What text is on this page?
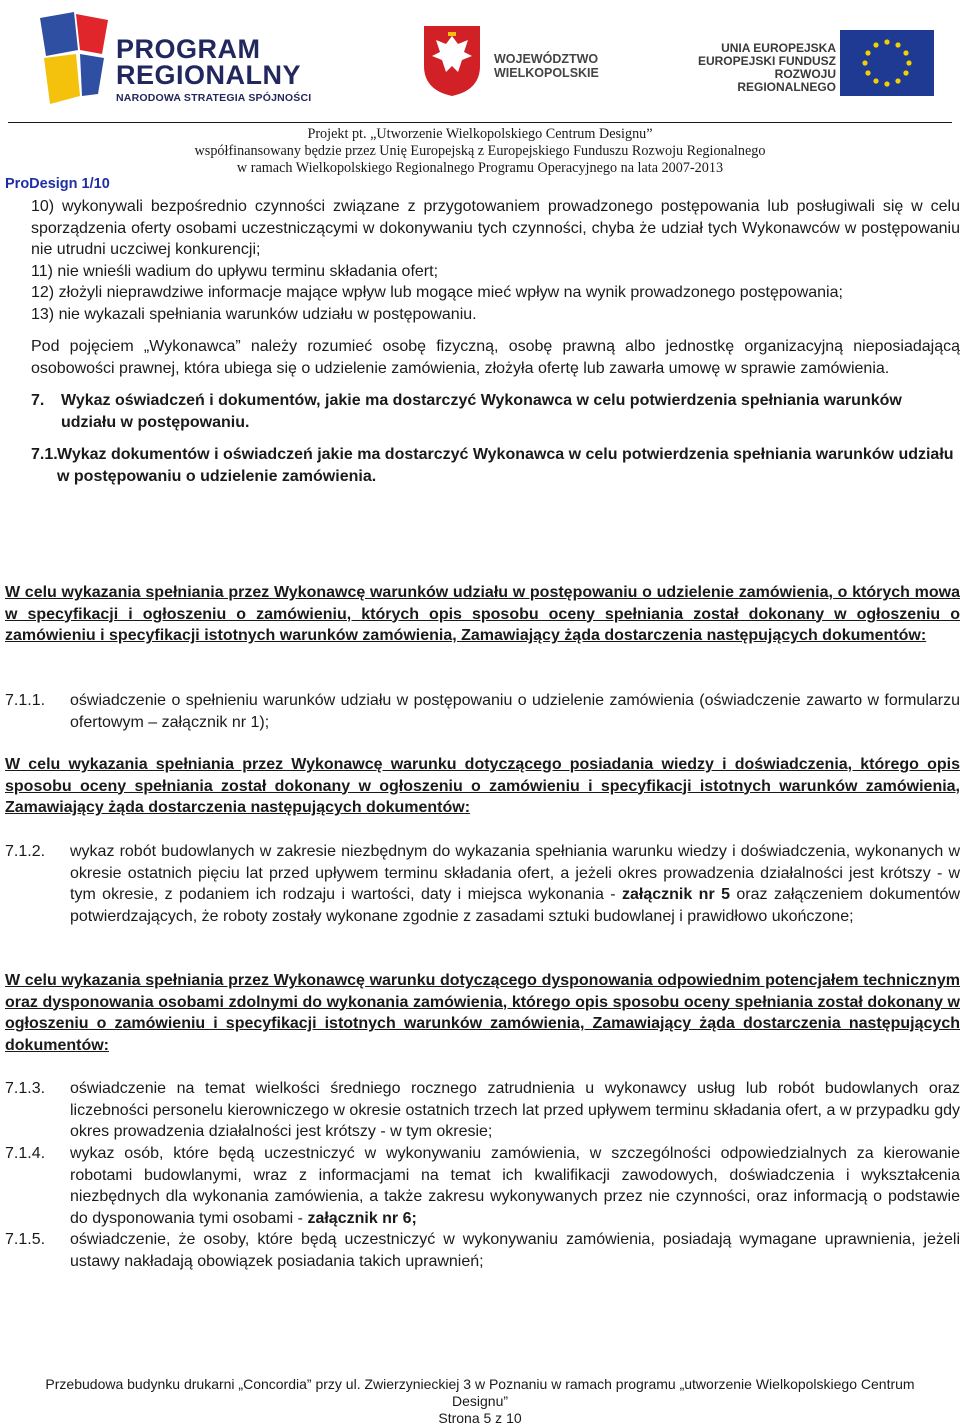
PROGRAM
REGIONALNY
NARODOWA STRATEGIA SPÓJNOŚCI
WOJEWÓDZTWO
WIELKOPOLSKIE
UNIA EUROPEJSKA
EUROPEJSKI FUNDUSZ
ROZWOJU REGIONALNEGO
Projekt pt. „Utworzenie Wielkopolskiego Centrum Designu”
współfinansowany będzie przez Unię Europejską z Europejskiego Funduszu Rozwoju Regionalnego
w ramach Wielkopolskiego Regionalnego Programu Operacyjnego na lata 2007-2013
ProDesign 1/10

10) wykonywali bezpośrednio czynności związane z przygotowaniem prowadzonego postępowania lub posługiwali się w celu sporządzenia oferty osobami uczestniczącymi w dokonywaniu tych czynności, chyba że udział tych Wykonawców w postępowaniu nie utrudni uczciwej konkurencji;

11) nie wnieśli wadium do upływu terminu składania ofert;

12) złożyli nieprawdziwe informacje mające wpływ lub mogące mieć wpływ na wynik prowadzonego postępowania;

13) nie wykazali spełniania warunków udziału w postępowaniu.

Pod pojęciem „Wykonawca” należy rozumieć osobę fizyczną, osobę prawną albo jednostkę organizacyjną nieposiadającą osobowości prawnej, która ubiega się o udzielenie zamówienia, złożyła ofertę lub zawarła umowę w sprawie zamówienia.
7.	Wykaz oświadczeń i dokumentów, jakie ma dostarczyć Wykonawca w celu potwierdzenia spełniania warunków udziału w postępowaniu.
7.1. Wykaz dokumentów i oświadczeń jakie ma dostarczyć Wykonawca w celu potwierdzenia spełniania warunków udziału w postępowaniu o udzielenie zamówienia.
W celu wykazania spełniania przez Wykonawcę warunków udziału w postępowaniu o udzielenie zamówienia, o których mowa w specyfikacji i ogłoszeniu o zamówieniu, których opis sposobu oceny spełniania został dokonany w ogłoszeniu o zamówieniu i specyfikacji istotnych warunków zamówienia, Zamawiający żąda dostarczenia następujących dokumentów:
7.1.1.	oświadczenie o spełnieniu warunków udziału w postępowaniu o udzielenie zamówienia (oświadczenie zawarto w formularzu ofertowym – załącznik nr 1);
W celu wykazania spełniania przez Wykonawcę warunku dotyczącego posiadania wiedzy i doświadczenia, którego opis sposobu oceny spełniania został dokonany w ogłoszeniu o zamówieniu i specyfikacji istotnych warunków zamówienia, Zamawiający żąda dostarczenia następujących dokumentów:
7.1.2.	wykaz robót budowlanych w zakresie niezbędnym do wykazania spełniania warunku wiedzy i doświadczenia, wykonanych w okresie ostatnich pięciu lat przed upływem terminu składania ofert, a jeżeli okres prowadzenia działalności jest krótszy - w tym okresie, z podaniem ich rodzaju i wartości, daty i miejsca wykonania - załącznik nr 5 oraz załączeniem dokumentów potwierdzających, że roboty zostały wykonane zgodnie z zasadami sztuki budowlanej i prawidłowo ukończone;
W celu wykazania spełniania przez Wykonawcę warunku dotyczącego dysponowania odpowiednim potencjałem technicznym oraz dysponowania osobami zdolnymi do wykonania zamówienia, którego opis sposobu oceny spełniania został dokonany w ogłoszeniu o zamówieniu i specyfikacji istotnych warunków zamówienia, Zamawiający żąda dostarczenia następujących dokumentów:
7.1.3.	oświadczenie na temat wielkości średniego rocznego zatrudnienia u wykonawcy usług lub robót budowlanych oraz liczebności personelu kierowniczego w okresie ostatnich trzech lat przed upływem terminu składania ofert, a w przypadku gdy okres prowadzenia działalności jest krótszy - w tym okresie;
7.1.4.	wykaz osób, które będą uczestniczyć w wykonywaniu zamówienia, w szczególności odpowiedzialnych za kierowanie robotami budowlanymi, wraz z informacjami na temat ich kwalifikacji zawodowych, doświadczenia i wykształcenia niezbędnych dla wykonania zamówienia, a także zakresu wykonywanych przez nie czynności, oraz informacją o podstawie do dysponowania tymi osobami - załącznik nr 6;
7.1.5.	oświadczenie, że osoby, które będą uczestniczyć w wykonywaniu zamówienia, posiadają wymagane uprawnienia, jeżeli ustawy nakładają obowiązek posiadania takich uprawnień;
Przebudowa budynku drukarni „Concordia” przy ul. Zwierzynieckiej 3 w Poznaniu w ramach programu „utworzenie Wielkopolskiego Centrum
Designu”
Strona 5 z 10
